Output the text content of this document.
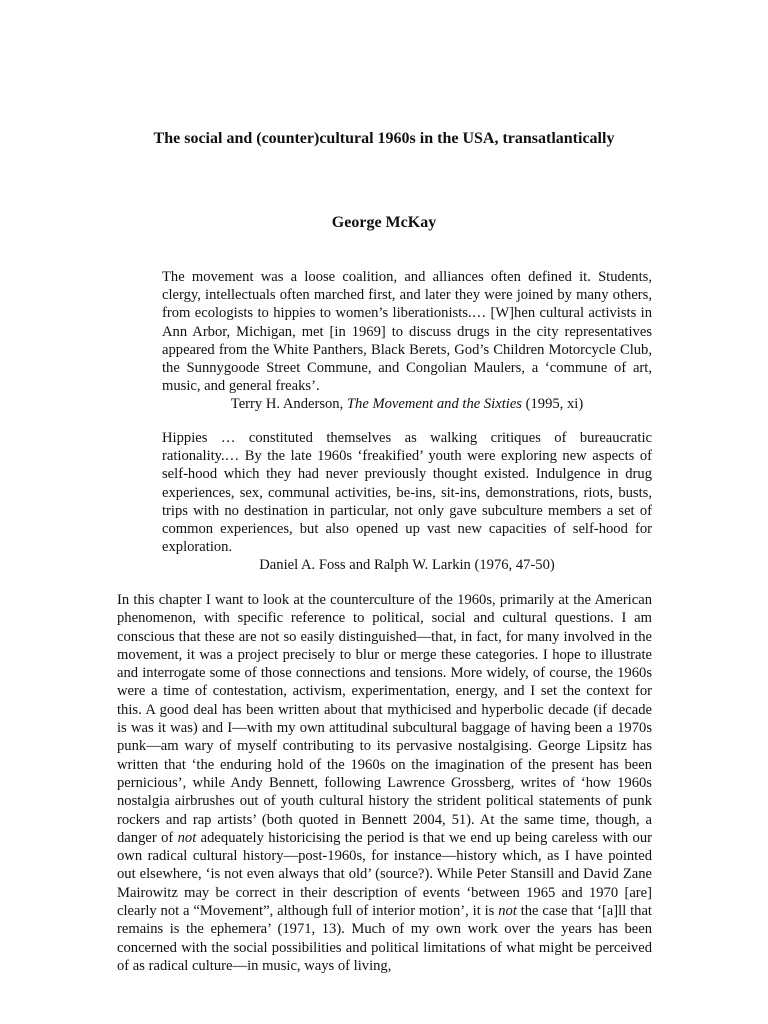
The social and (counter)cultural 1960s in the USA, transatlantically
George McKay

The movement was a loose coalition, and alliances often defined it. Students, clergy, intellectuals often marched first, and later they were joined by many others, from ecologists to hippies to women’s liberationists.… [W]hen cultural activists in Ann Arbor, Michigan, met [in 1969] to discuss drugs in the city representatives appeared from the White Panthers, Black Berets, God’s Children Motorcycle Club, the Sunnygoode Street Commune, and Congolian Maulers, a ‘commune of art, music, and general freaks’.

Terry H. Anderson, The Movement and the Sixties (1995, xi)

Hippies … constituted themselves as walking critiques of bureaucratic rationality.… By the late 1960s ‘freakified’ youth were exploring new aspects of self-hood which they had never previously thought existed. Indulgence in drug experiences, sex, communal activities, be-ins, sit-ins, demonstrations, riots, busts, trips with no destination in particular, not only gave subculture members a set of common experiences, but also opened up vast new capacities of self-hood for exploration.

Daniel A. Foss and Ralph W. Larkin (1976, 47-50)

In this chapter I want to look at the counterculture of the 1960s, primarily at the American phenomenon, with specific reference to political, social and cultural questions. I am conscious that these are not so easily distinguished—that, in fact, for many involved in the movement, it was a project precisely to blur or merge these categories. I hope to illustrate and interrogate some of those connections and tensions. More widely, of course, the 1960s were a time of contestation, activism, experimentation, energy, and I set the context for this. A good deal has been written about that mythicised and hyperbolic decade (if decade is was it was) and I—with my own attitudinal subcultural baggage of having been a 1970s punk—am wary of myself contributing to its pervasive nostalgising. George Lipsitz has written that ‘the enduring hold of the 1960s on the imagination of the present has been pernicious’, while Andy Bennett, following Lawrence Grossberg, writes of ‘how 1960s nostalgia airbrushes out of youth cultural history the strident political statements of punk rockers and rap artists’ (both quoted in Bennett 2004, 51). At the same time, though, a danger of not adequately historicising the period is that we end up being careless with our own radical cultural history—post-1960s, for instance—history which, as I have pointed out elsewhere, ‘is not even always that old’ (source?). While Peter Stansill and David Zane Mairowitz may be correct in their description of events ‘between 1965 and 1970 [are] clearly not a “Movement”, although full of interior motion’, it is not the case that ‘[a]ll that remains is the ephemera’ (1971, 13). Much of my own work over the years has been concerned with the social possibilities and political limitations of what might be perceived of as radical culture—in music, ways of living,
